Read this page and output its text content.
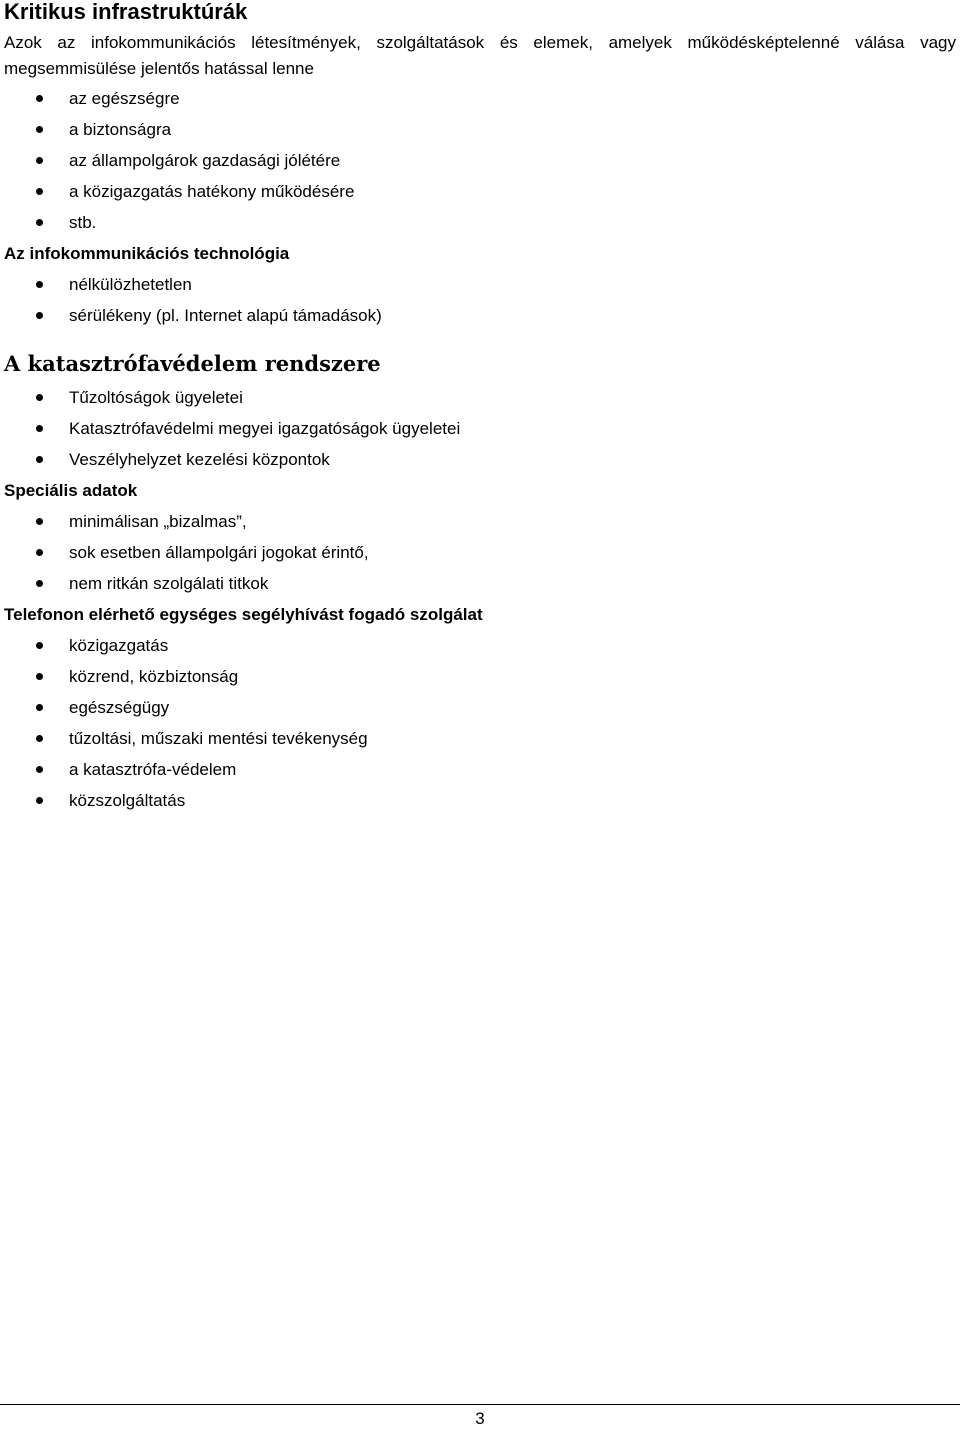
Kritikus infrastruktúrák

Azok az infokommunikációs létesítmények, szolgáltatások és elemek, amelyek működésképtelenné válása vagy
megsemmisülése jelentős hatással lenne

az egészségre
a biztonságra
az állampolgárok gazdasági jólétére
a közigazgatás hatékony működésére
stb.
Az infokommunikációs technológia
nélkülözhetetlen
sérülékeny (pl. Internet alapú támadások)
A katasztrófavédelem rendszere
Tűzoltóságok ügyeletei
Katasztrófavédelmi megyei igazgatóságok ügyeletei
Veszélyhelyzet kezelési központok
Speciális adatok
minimálisan „bizalmas”,
sok esetben állampolgári jogokat érintő,
nem ritkán szolgálati titkok
Telefonon elérhető egységes segélyhívást fogadó szolgálat
közigazgatás
közrend, közbiztonság
egészségügy
tűzoltási, műszaki mentési tevékenység
a katasztrófa-védelem
közszolgáltatás
3
